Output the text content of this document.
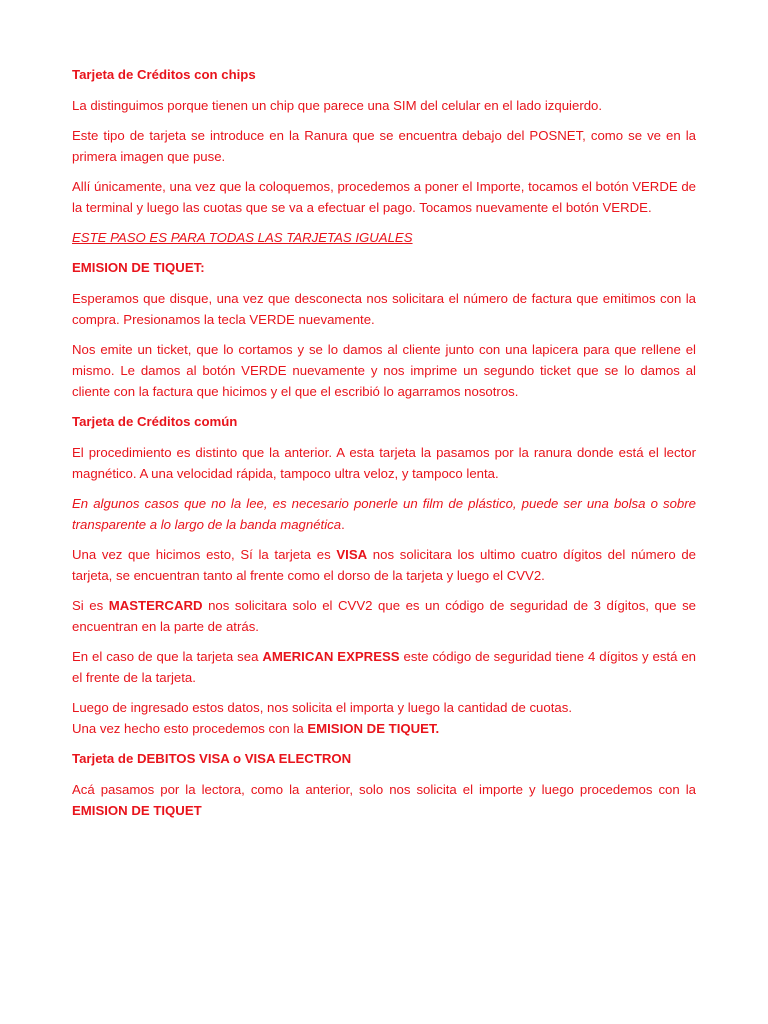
Tarjeta de Créditos con chips

La distinguimos porque tienen un chip que parece una SIM del celular en el lado izquierdo.

Este tipo de tarjeta se introduce en la Ranura que se encuentra debajo del POSNET, como se ve en la primera imagen que puse.

Allí únicamente, una vez que la coloquemos, procedemos a poner el Importe, tocamos el botón VERDE de la terminal y luego las cuotas que se va a efectuar el pago. Tocamos nuevamente el botón VERDE.

ESTE PASO ES PARA TODAS LAS TARJETAS IGUALES

EMISION DE TIQUET:

Esperamos que disque, una vez que desconecta nos solicitara el número de factura que emitimos con la compra. Presionamos la tecla VERDE nuevamente.

Nos emite un ticket, que lo cortamos y se lo damos al cliente junto con una lapicera para que rellene el mismo. Le damos al botón VERDE nuevamente y nos imprime un segundo ticket que se lo damos al cliente con la factura que hicimos y el que el escribió lo agarramos nosotros.

Tarjeta de Créditos común

El procedimiento es distinto que la anterior. A esta tarjeta la pasamos por la ranura donde está el lector magnético. A una velocidad rápida, tampoco ultra veloz, y tampoco lenta.

En algunos casos que no la lee, es necesario ponerle un film de plástico, puede ser una bolsa o sobre transparente a lo largo de la banda magnética.

Una vez que hicimos esto, Sí la tarjeta es VISA nos solicitara los ultimo cuatro dígitos del número de tarjeta, se encuentran tanto al frente como el dorso de la tarjeta y luego el CVV2.

Si es MASTERCARD nos solicitara solo el CVV2 que es un código de seguridad de 3 dígitos, que se encuentran en la parte de atrás.

En el caso de que la tarjeta sea AMERICAN EXPRESS este código de seguridad tiene 4 dígitos y está en el frente de la tarjeta.

Luego de ingresado estos datos, nos solicita el importa y luego la cantidad de cuotas.

Una vez hecho esto procedemos con la EMISION DE TIQUET.

Tarjeta de DEBITOS VISA o VISA ELECTRON

Acá pasamos por la lectora, como la anterior, solo nos solicita el importe y luego procedemos con la EMISION DE TIQUET
